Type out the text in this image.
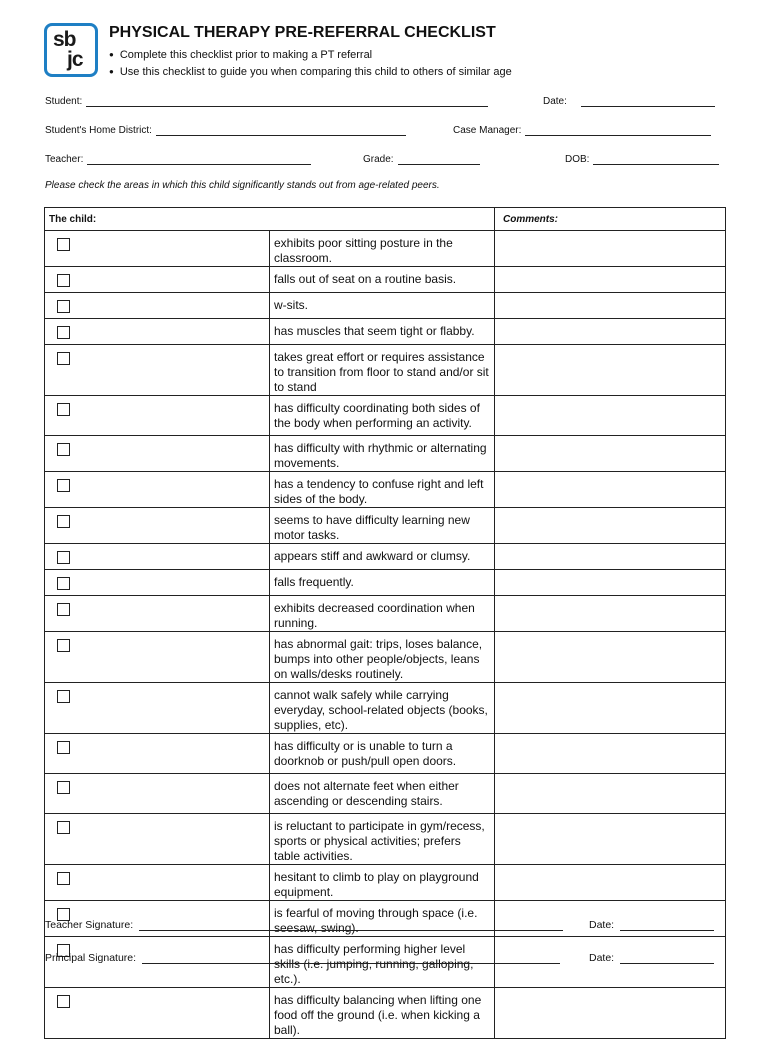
sb
jc
PHYSICAL THERAPY PRE-REFERRAL CHECKLIST
● Complete this checklist prior to making a PT referral
● Use this checklist to guide you when comparing this child to others of similar age
Student:	Date:
Student's Home District:	Case Manager:
Teacher:	Grade:	DOB:
Please check the areas in which this child significantly stands out from age-related peers.
The child:		Comments:

	exhibits poor sitting posture in the classroom.	

	falls out of seat on a routine basis.	

	w-sits.	

	has muscles that seem tight or flabby.	

	takes great effort or requires assistance to transition from floor to stand and/or sit to stand	

	has difficulty coordinating both sides of the body when performing an activity.	

	has difficulty with rhythmic or alternating movements.	

	has a tendency to confuse right and left sides of the body.	

	seems to have difficulty learning new motor tasks.	

	appears stiff and awkward or clumsy.	

	falls frequently.	

	exhibits decreased coordination when running.	

	has abnormal gait: trips, loses balance, bumps into other people/objects, leans on walls/desks routinely.	

	cannot walk safely while carrying everyday, school-related objects (books, supplies, etc).	

	has difficulty or is unable to turn a doorknob or push/pull open doors.	

	does not alternate feet when either ascending or descending stairs.	

	is reluctant to participate in gym/recess, sports or physical activities; prefers table activities.	

	hesitant to climb to play on playground equipment.	

	is fearful of moving through space (i.e. seesaw, swing).	

	has difficulty performing higher level skills (i.e. jumping, running, galloping, etc.).	

	has difficulty balancing when lifting one food off the ground (i.e. when kicking a ball).	
Teacher Signature:	Date:
Principal Signature:	Date:
